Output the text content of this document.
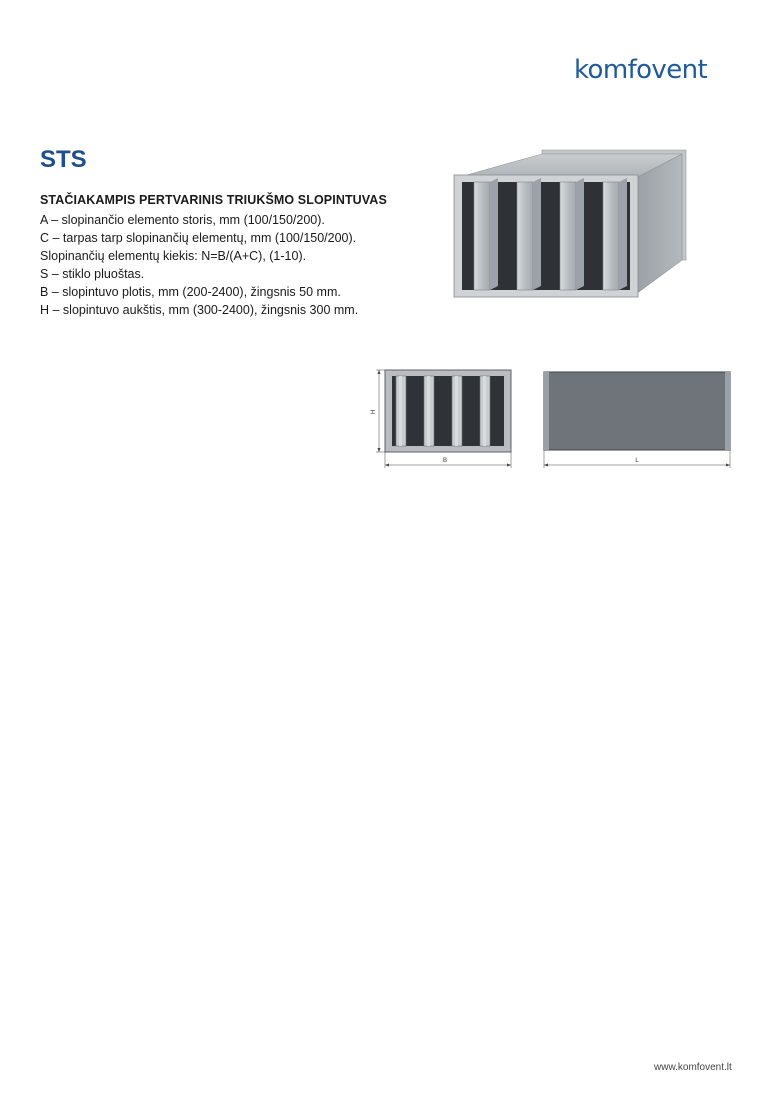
komfovent
STS
STAČIAKAMPIS PERTVARINIS TRIUKŠMO SLOPINTUVAS
A – slopinančio elemento storis, mm (100/150/200).
C – tarpas tarp slopinančių elementų, mm (100/150/200).
Slopinančių elementų kiekis: N=B/(A+C), (1-10).
S – stiklo pluoštas.
B – slopintuvo plotis, mm (200-2400), žingsnis 50 mm.
H – slopintuvo aukštis, mm (300-2400), žingsnis 300 mm.
H
B	L
www.komfovent.lt
